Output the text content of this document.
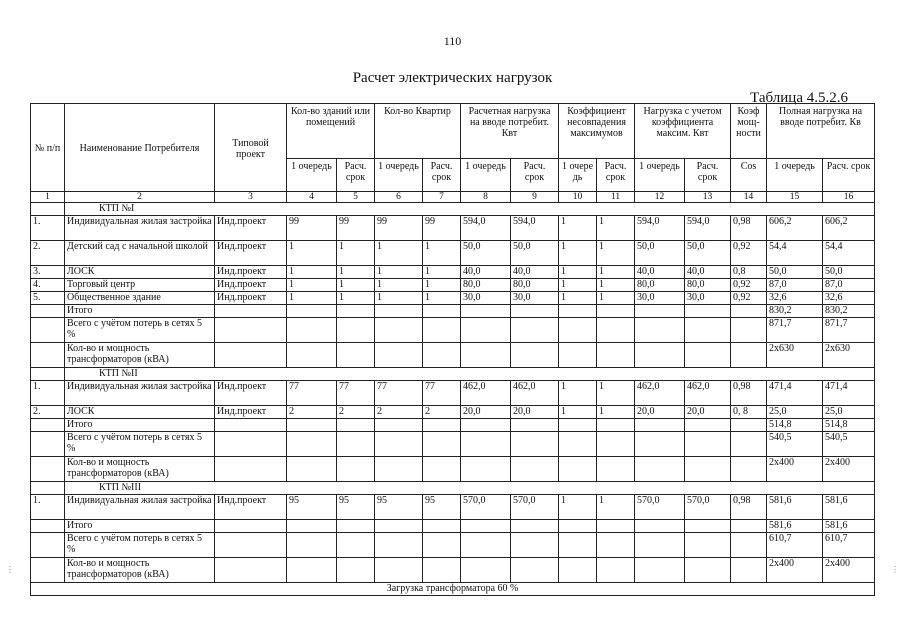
110
Расчет электрических нагрузок
Таблица 4.5.2.6
№ п/п	Наименование Потребителя	Типовой проект	Кол-во зданий или помещений		Кол-во Квартир		Расчетная нагрузка на вводе потребит. Квт		Коэффициент несовпадения максимумов		Нагрузка с учетом коэффициента максим. Квт		Коэф мощ-ности	Полная нагрузка на вводе потребит. Кв	
			1 очередь	Расч. срок	1 очередь	Расч. срок	1 очередь	Расч. срок	1 очере дь	Расч. срок	1 очередь	Расч. срок	Cos	1 очередь	Расч. срок
1	2	3	4	5	6	7	8	9	10	11	12	13	14	15	16
	КТП №I														
1.	Индивидуальная жилая застройка	Инд.проект	99	99	99	99	594,0	594,0	1	1	594,0	594,0	0,98	606,2	606,2
2.	Детский сад с начальной школой	Инд.проект	1	1	1	1	50,0	50,0	1	1	50,0	50,0	0,92	54,4	54,4
3.	ЛОСК	Инд.проект	1	1	1	1	40,0	40,0	1	1	40,0	40,0	0,8	50,0	50,0
4.	Торговый центр	Инд.проект	1	1	1	1	80,0	80,0	1	1	80,0	80,0	0,92	87,0	87,0
5.	Общественное здание	Инд.проект	1	1	1	1	30,0	30,0	1	1	30,0	30,0	0,92	32,6	32,6
	Итого													830,2	830,2
	Всего с учётом потерь в сетях 5 %													871,7	871,7
	Кол-во и мощность трансформаторов (кВА)													2х630	2х630
	КТП №II														
1.	Индивидуальная жилая застройка	Инд.проект	77	77	77	77	462,0	462,0	1	1	462,0	462,0	0,98	471,4	471,4
2.	ЛОСК	Инд.проект	2	2	2	2	20,0	20,0	1	1	20,0	20,0	0, 8	25,0	25,0
	Итого													514,8	514,8
	Всего с учётом потерь в сетях 5 %													540,5	540,5
	Кол-во и мощность трансформаторов (кВА)													2х400	2х400
	КТП №III														
1.	Индивидуальная жилая застройка	Инд.проект	95	95	95	95	570,0	570,0	1	1	570,0	570,0	0,98	581,6	581,6
	Итого													581,6	581,6
	Всего с учётом потерь в сетях 5 %													610,7	610,7
	Кол-во и мощность трансформаторов (кВА)													2х400	2х400
Загрузка трансформатора 60 %															
⋮	⋮
